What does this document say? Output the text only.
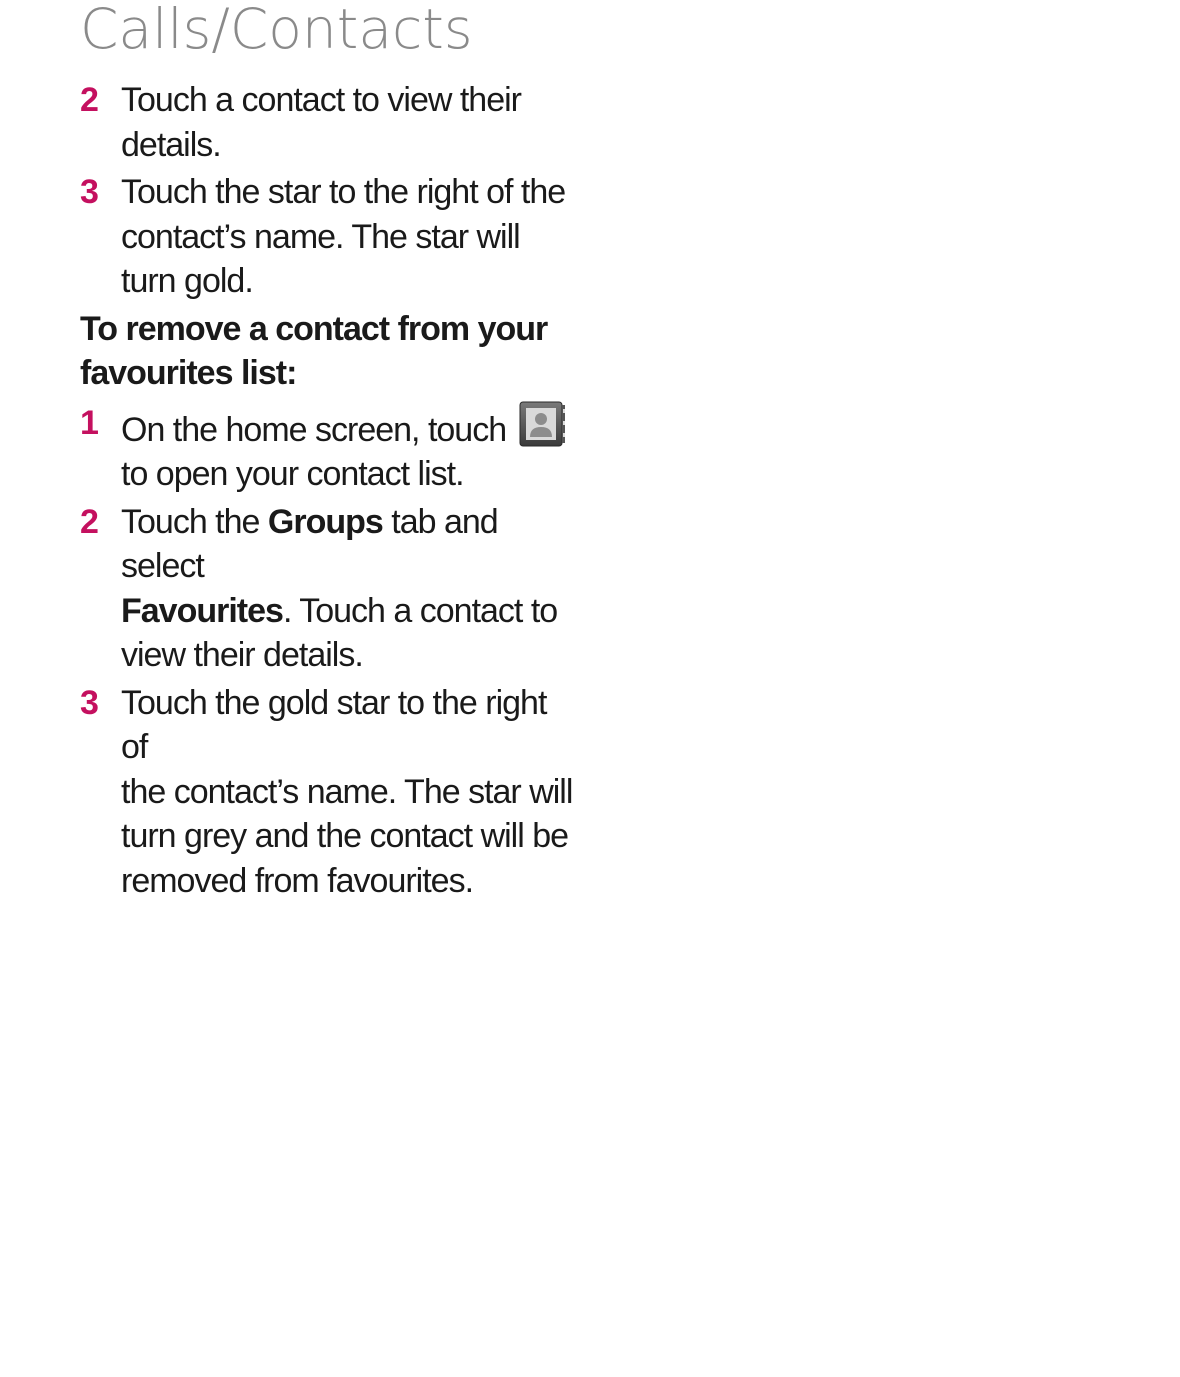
Calls/Contacts
2 Touch a contact to view their
details.
3 Touch the star to the right of the
contact’s name. The star will
turn gold.
To remove a contact from your
favourites list:
1 On the home screen, touch
to open your contact list.
2 Touch the Groups tab and select
Favourites. Touch a contact to
view their details.
3 Touch the gold star to the right of
the contact’s name. The star will
turn grey and the contact will be
removed from favourites.
